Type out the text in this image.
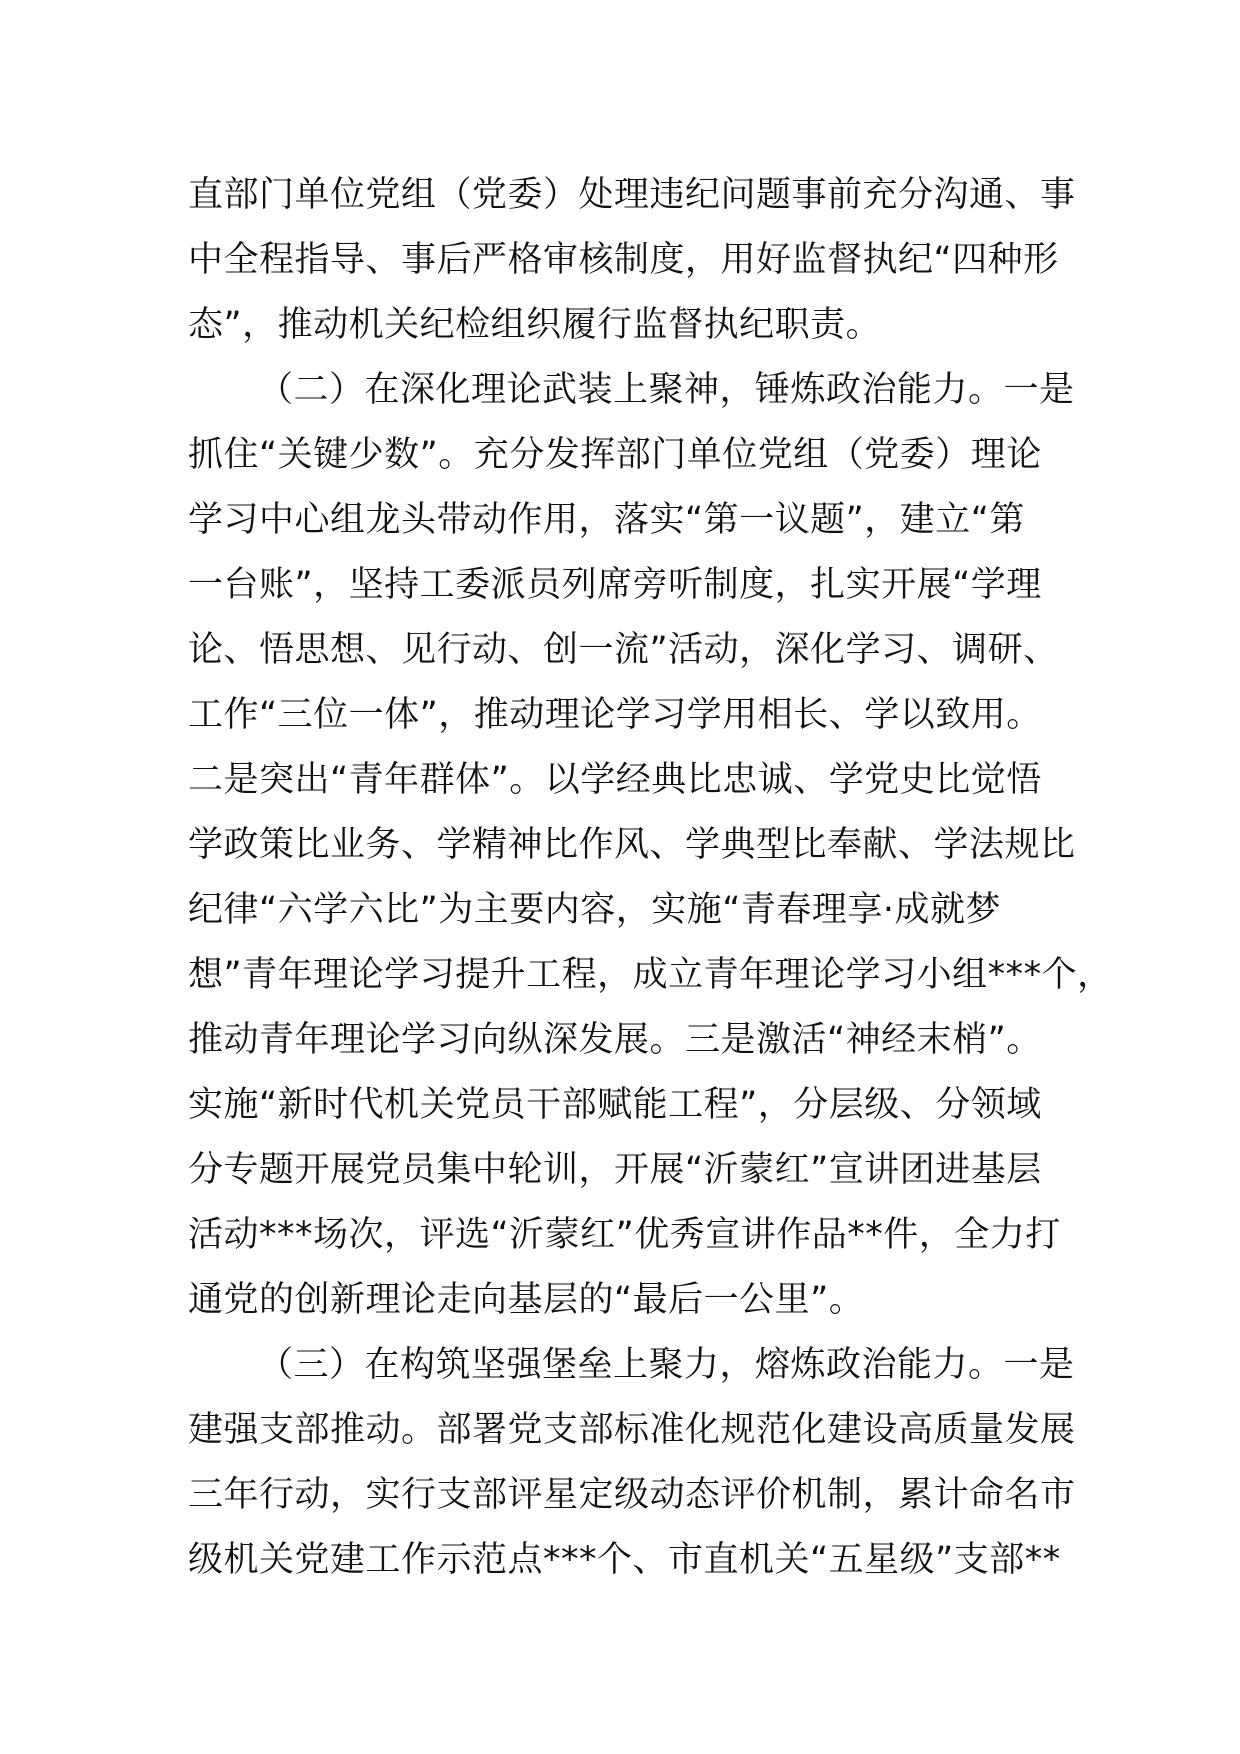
直部门单位党组（党委）处理违纪问题事前充分沟通、事
中全程指导、事后严格审核制度，用好监督执纪“四种形
态”，推动机关纪检组织履行监督执纪职责。
（二）在深化理论武装上聚神，锤炼政治能力。一是
抓住“关键少数”。充分发挥部门单位党组（党委）理论
学习中心组龙头带动作用，落实“第一议题”，建立“第
一台账”，坚持工委派员列席旁听制度，扎实开展“学理
论、悟思想、见行动、创一流”活动，深化学习、调研、
工作“三位一体”，推动理论学习学用相长、学以致用。
二是突出“青年群体”。以学经典比忠诚、学党史比觉悟
学政策比业务、学精神比作风、学典型比奉献、学法规比
纪律“六学六比”为主要内容，实施“青春理享·成就梦
想”青年理论学习提升工程，成立青年理论学习小组***个，
推动青年理论学习向纵深发展。三是激活“神经末梢”。
实施“新时代机关党员干部赋能工程”，分层级、分领域
分专题开展党员集中轮训，开展“沂蒙红”宣讲团进基层
活动***场次，评选“沂蒙红”优秀宣讲作品**件，全力打
通党的创新理论走向基层的“最后一公里”。
（三）在构筑坚强堡垒上聚力，熔炼政治能力。一是
建强支部推动。部署党支部标准化规范化建设高质量发展
三年行动，实行支部评星定级动态评价机制，累计命名市
级机关党建工作示范点***个、市直机关“五星级”支部**
